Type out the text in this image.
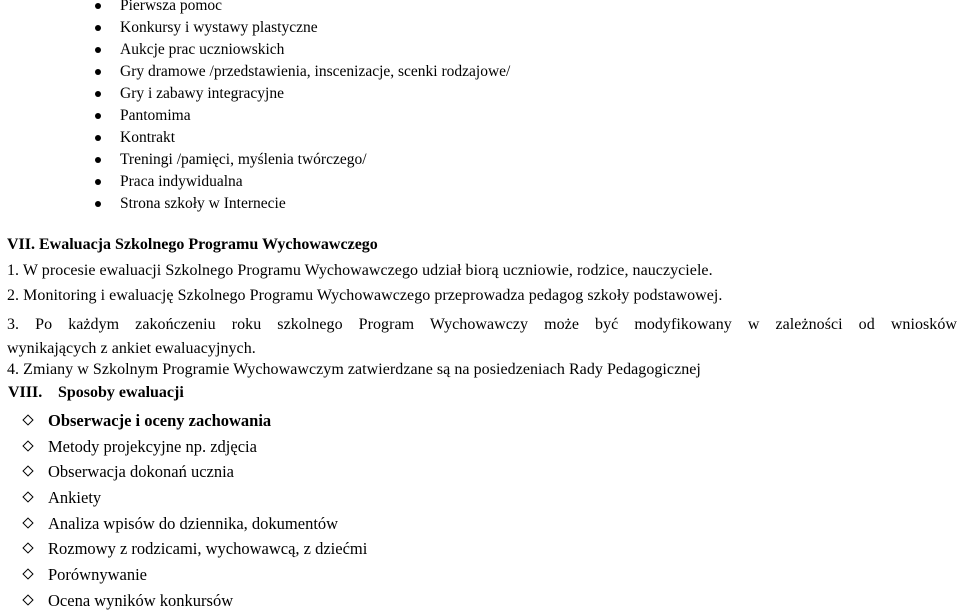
Pierwsza pomoc
Konkursy i wystawy plastyczne
Aukcje prac uczniowskich
Gry dramowe /przedstawienia, inscenizacje, scenki rodzajowe/
Gry i zabawy integracyjne
Pantomima
Kontrakt
Treningi /pamięci, myślenia twórczego/
Praca indywidualna
Strona szkoły w Internecie
VII. Ewaluacja Szkolnego Programu Wychowawczego
1. W procesie ewaluacji Szkolnego Programu Wychowawczego udział biorą uczniowie, rodzice, nauczyciele.
2. Monitoring i ewaluację Szkolnego Programu Wychowawczego przeprowadza pedagog szkoły podstawowej.
3. Po każdym zakończeniu roku szkolnego Program Wychowawczy może być modyfikowany w zależności od wniosków
wynikających z ankiet ewaluacyjnych.
4. Zmiany w Szkolnym Programie Wychowawczym zatwierdzane są na posiedzeniach Rady Pedagogicznej
VIII. Sposoby ewaluacji
Obserwacje i oceny zachowania
Metody projekcyjne np. zdjęcia
Obserwacja dokonań ucznia
Ankiety
Analiza wpisów do dziennika, dokumentów
Rozmowy z rodzicami, wychowawcą, z dziećmi
Porównywanie
Ocena wyników konkursów
